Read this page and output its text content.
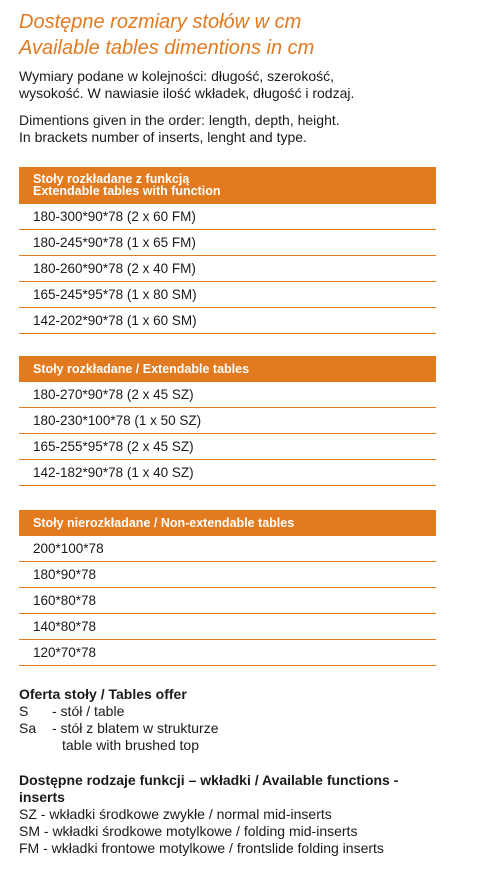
Dostępne rozmiary stołów w cm
Available tables dimentions in cm
Wymiary podane w kolejności: długość, szerokość,
wysokość. W nawiasie ilość wkładek, długość i rodzaj.
Dimentions given in the order: length, depth, height.
In brackets number of inserts, lenght and type.
Stoły rozkładane z funkcją
Extendable tables with function
180-300*90*78 (2 x 60 FM)
180-245*90*78 (1 x 65 FM)
180-260*90*78 (2 x 40 FM)
165-245*95*78 (1 x 80 SM)
142-202*90*78 (1 x 60 SM)
Stoły rozkładane / Extendable tables
180-270*90*78 (2 x 45 SZ)
180-230*100*78 (1 x 50 SZ)
165-255*95*78 (2 x 45 SZ)
142-182*90*78 (1 x 40 SZ)
Stoły nierozkładane / Non-extendable tables
200*100*78
180*90*78
160*80*78
140*80*78
120*70*78
Oferta stoły / Tables offer
S - stół / table
Sa - stół z blatem w strukturze
table with brushed top
Dostępne rodzaje funkcji – wkładki / Available functions -
inserts
SZ - wkładki środkowe zwykłe / normal mid-inserts
SM - wkładki środkowe motylkowe / folding mid-inserts
FM - wkładki frontowe motylkowe / frontslide folding inserts
